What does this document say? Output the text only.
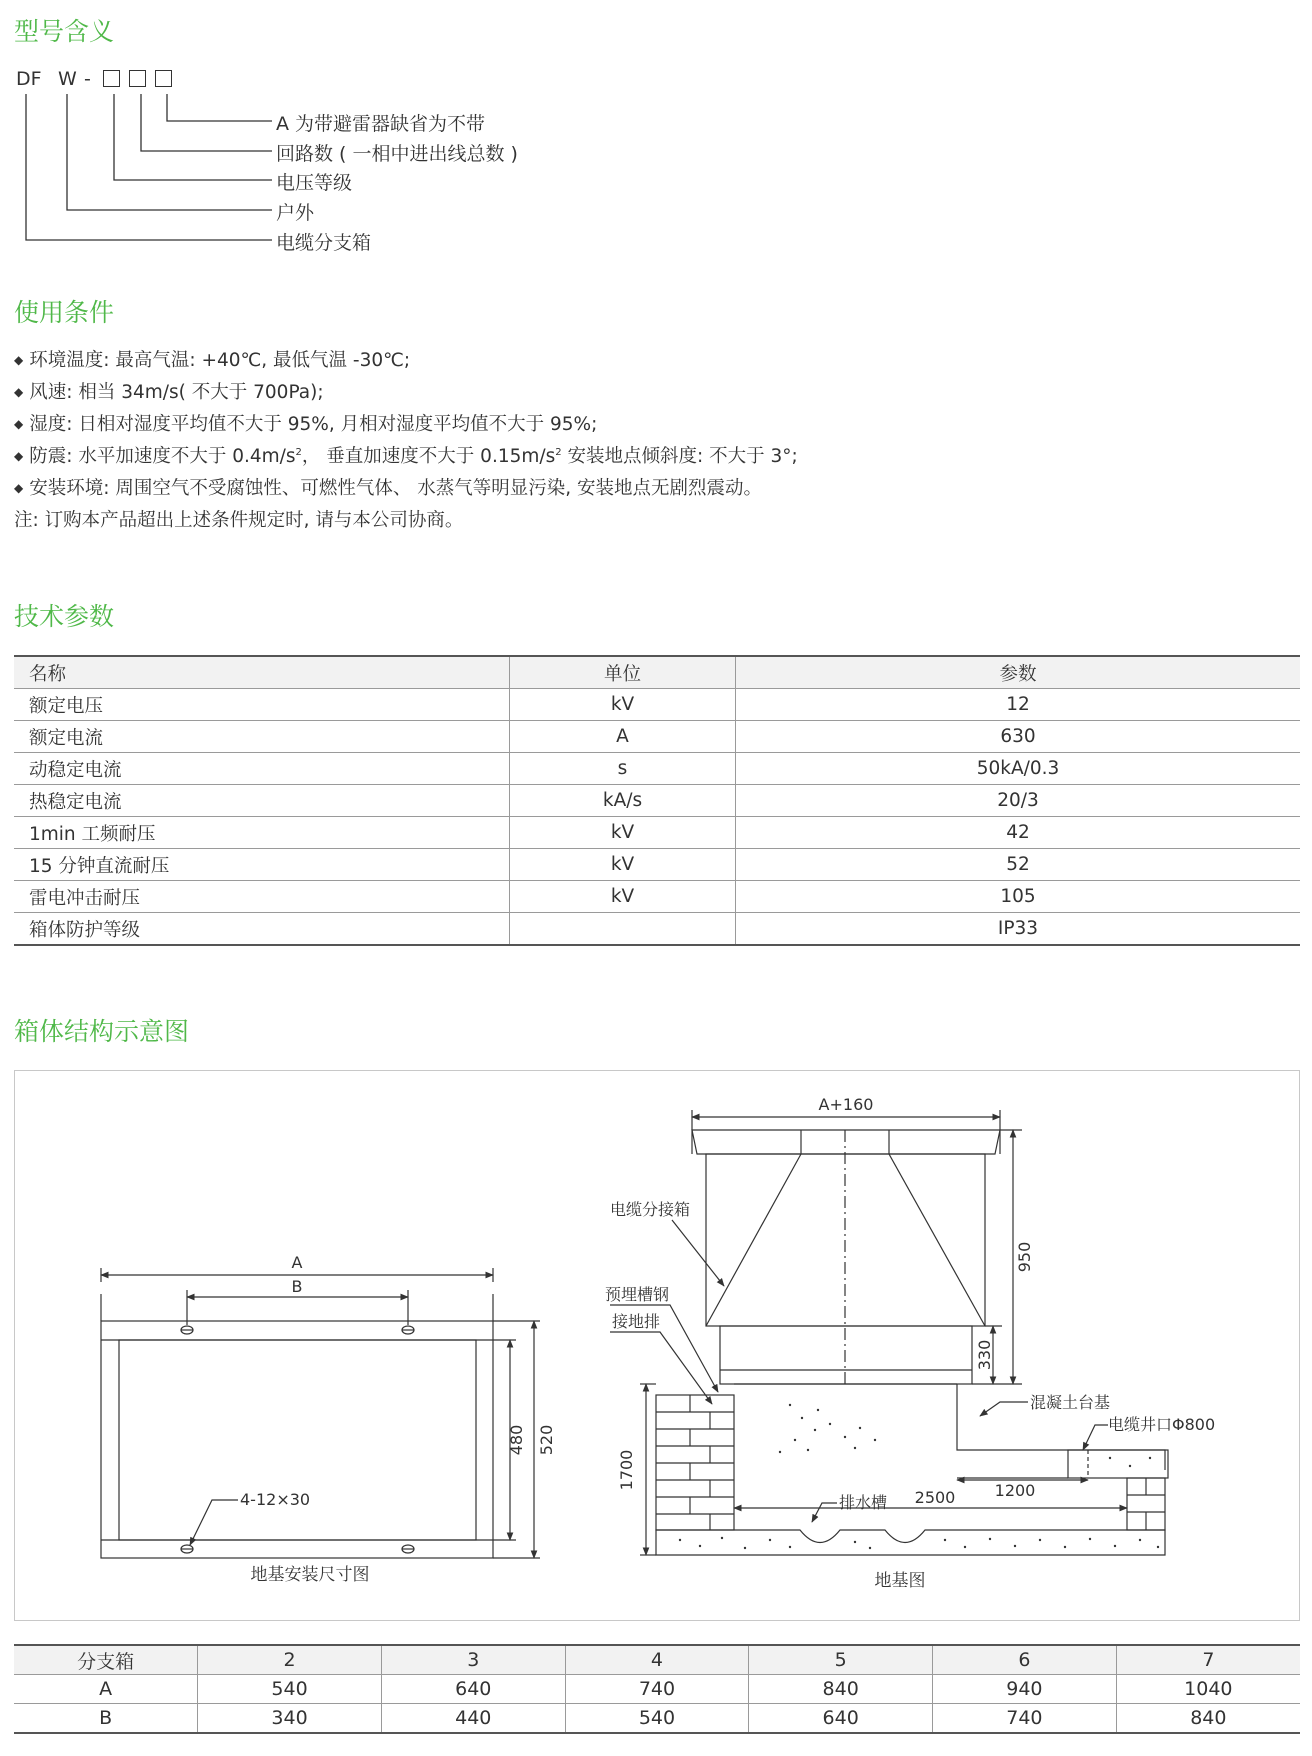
型号含义
DF W -
A 为带避雷器缺省为不带
回路数 ( 一相中进出线总数 )
电压等级
户外
电缆分支箱
使用条件
◆ 环境温度: 最高气温: +40℃, 最低气温 -30℃;
◆ 风速: 相当 34m/s( 不大于 700Pa);
◆ 湿度: 日相对湿度平均值不大于 95%, 月相对湿度平均值不大于 95%;
◆ 防震: 水平加速度不大于 $0.4m/s^2$， 垂直加速度不大于 $0.15m/s^2$ 安装地点倾斜度: 不大于 3°;
◆ 安装环境: 周围空气不受腐蚀性、可燃性气体、 水蒸气等明显污染, 安装地点无剧烈震动。
注: 订购本产品超出上述条件规定时, 请与本公司协商。
技术参数
名称	单位	参数
额定电压	kV	12
额定电流	A	630
动稳定电流	s	50kA/0.3
热稳定电流	kA/s	20/3
1min 工频耐压	kV	42
15 分钟直流耐压	kV	52
雷电冲击耐压	kV	105
箱体防护等级		IP33
箱体结构示意图
A
B
480 520
4-12×30
地基安装尺寸图
A+160
950
330
1700
2500 1200
电缆分接箱
预埋槽钢
接地排
混凝土台基
电缆井口Φ800
排水槽
地基图
分支箱	2	3	4	5	6	7
A	540	640	740	840	940	1040
B	340	440	540	640	740	840
